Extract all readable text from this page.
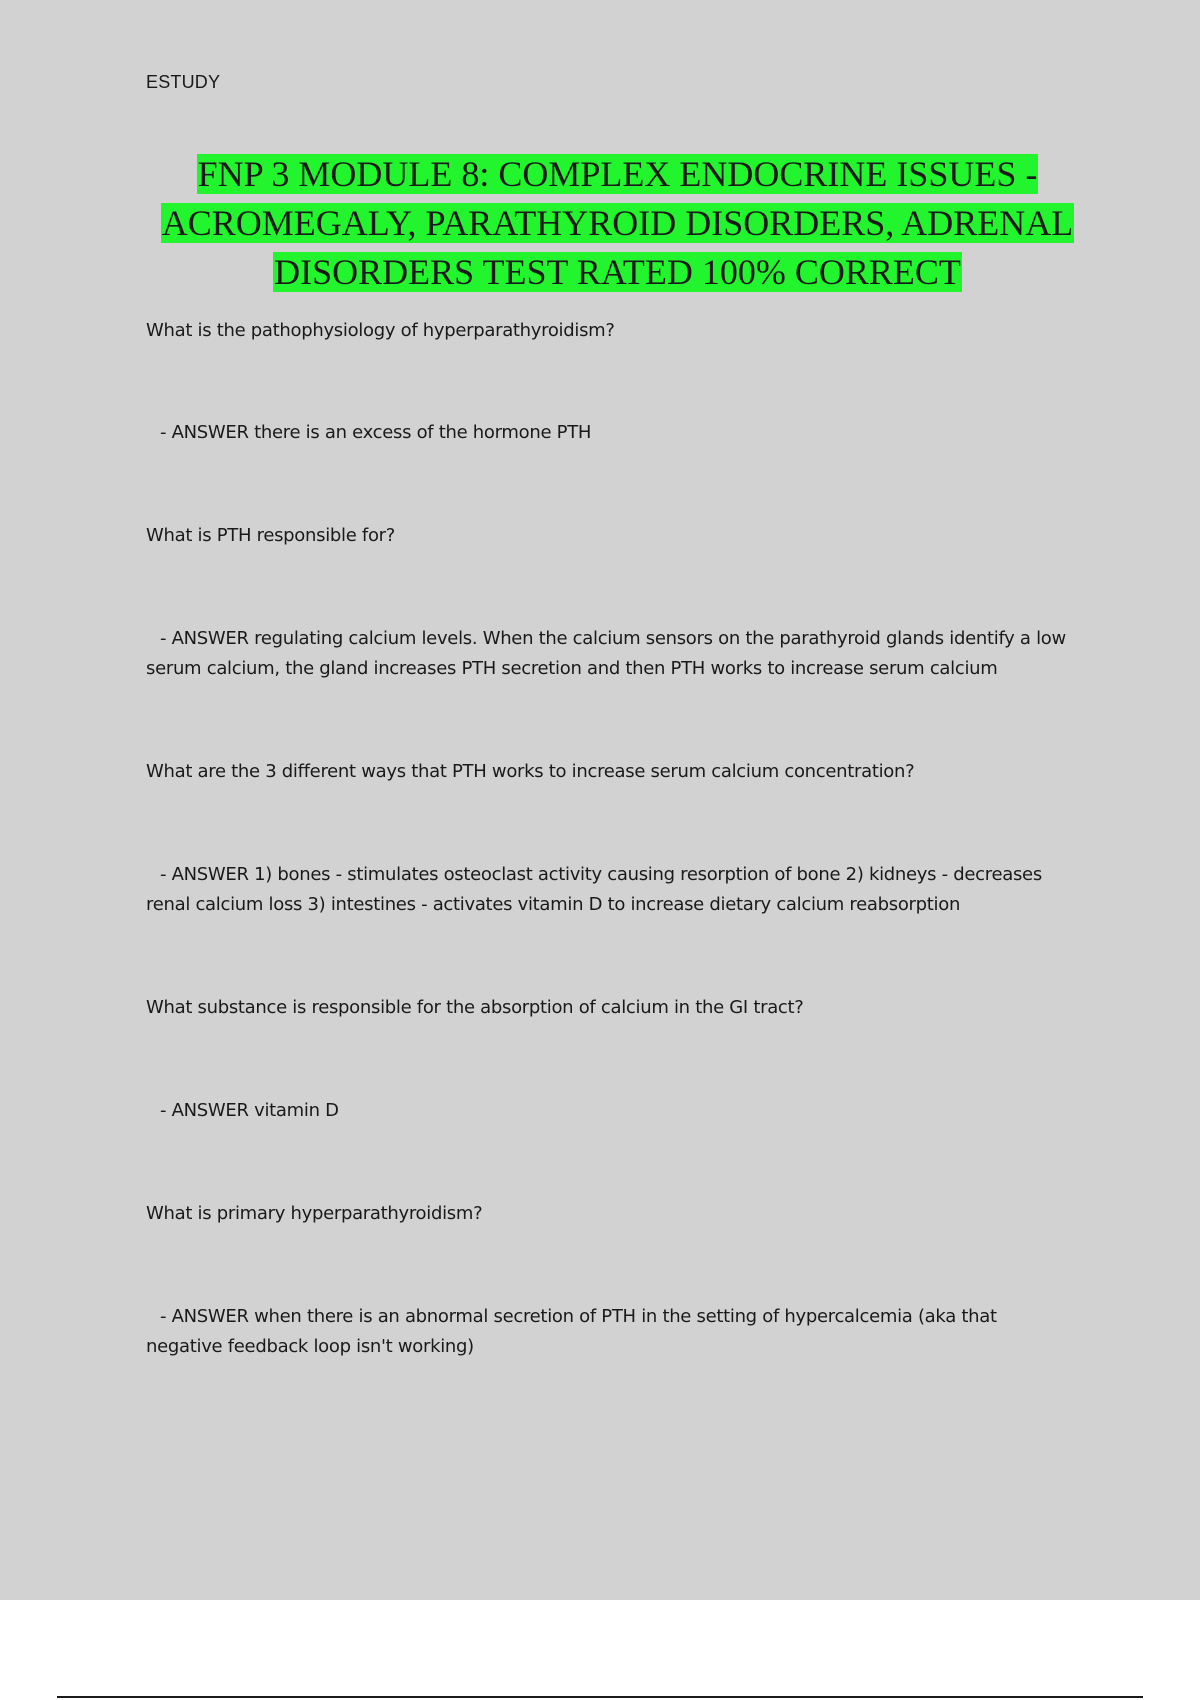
ESTUDY
FNP 3 MODULE 8: COMPLEX ENDOCRINE ISSUES -
ACROMEGALY, PARATHYROID DISORDERS, ADRENAL
DISORDERS TEST RATED 100% CORRECT
What is the pathophysiology of hyperparathyroidism?
- ANSWER there is an excess of the hormone PTH
What is PTH responsible for?
- ANSWER regulating calcium levels. When the calcium sensors on the parathyroid glands identify a low serum calcium, the gland increases PTH secretion and then PTH works to increase serum calcium
What are the 3 different ways that PTH works to increase serum calcium concentration?
- ANSWER 1) bones - stimulates osteoclast activity causing resorption of bone 2) kidneys - decreases renal calcium loss 3) intestines - activates vitamin D to increase dietary calcium reabsorption
What substance is responsible for the absorption of calcium in the GI tract?
- ANSWER vitamin D
What is primary hyperparathyroidism?
- ANSWER when there is an abnormal secretion of PTH in the setting of hypercalcemia (aka that negative feedback loop isn't working)
